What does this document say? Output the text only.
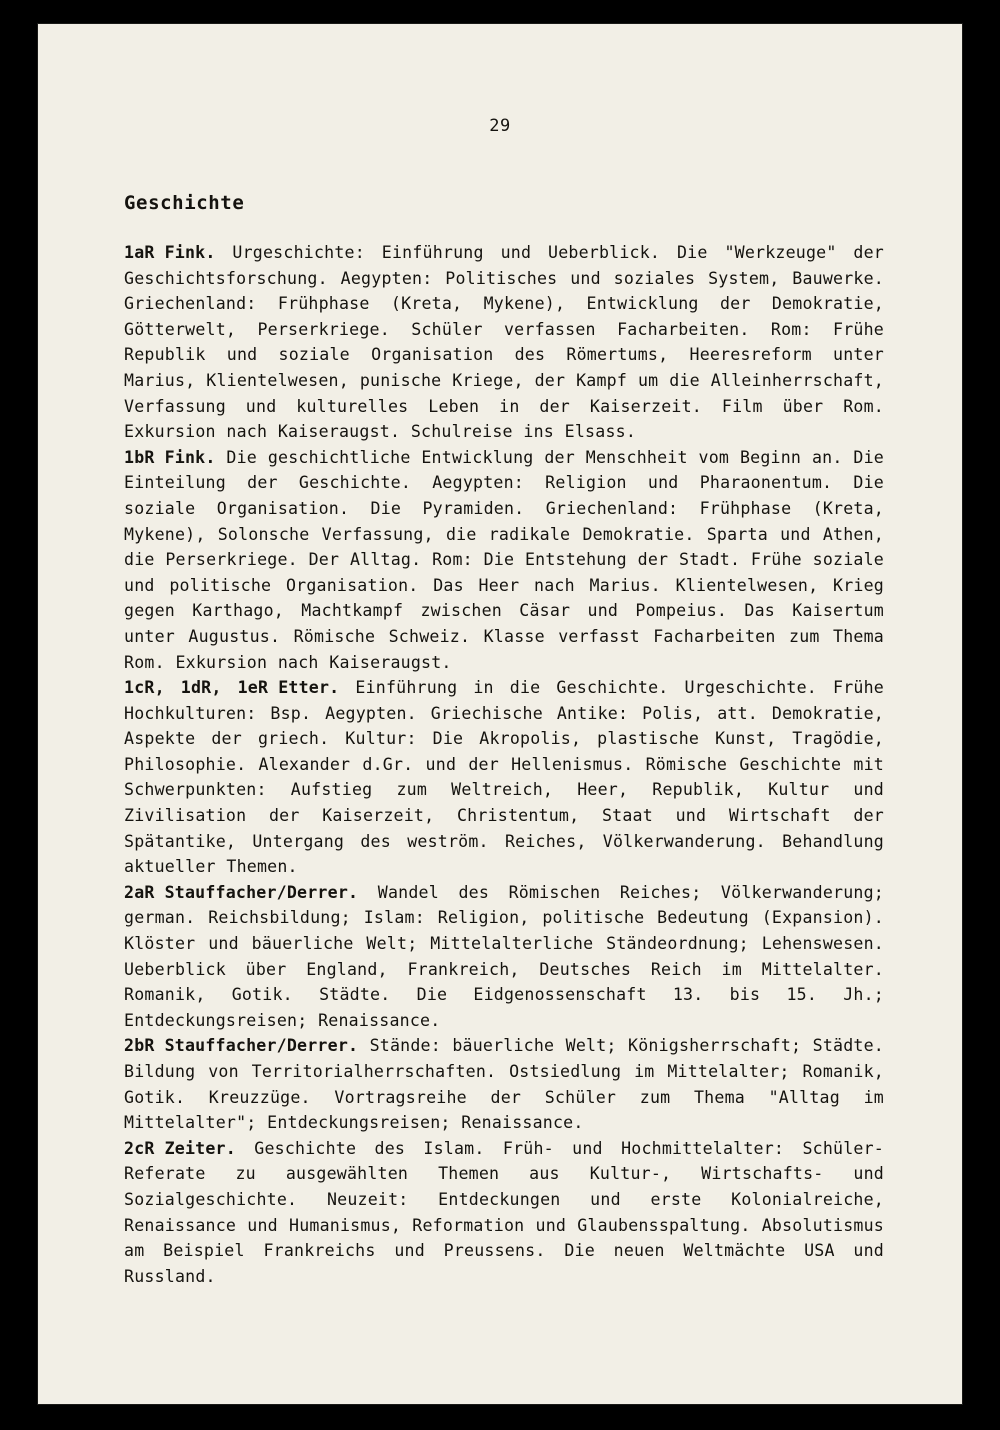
29
Geschichte

1aR Fink. Urgeschichte: Einführung und Ueberblick. Die "Werkzeuge" der Geschichtsforschung. Aegypten: Politisches und soziales System, Bauwerke. Griechenland: Frühphase (Kreta, Mykene), Entwicklung der Demokratie, Götterwelt, Perserkriege. Schüler verfassen Facharbeiten. Rom: Frühe Republik und soziale Organisation des Römertums, Heeresreform unter Marius, Klientelwesen, punische Kriege, der Kampf um die Alleinherrschaft, Verfassung und kulturelles Leben in der Kaiserzeit. Film über Rom. Exkursion nach Kaiseraugst. Schulreise ins Elsass.

1bR Fink. Die geschichtliche Entwicklung der Menschheit vom Beginn an. Die Einteilung der Geschichte. Aegypten: Religion und Pharaonentum. Die soziale Organisation. Die Pyramiden. Griechenland: Frühphase (Kreta, Mykene), Solonsche Verfassung, die radikale Demokratie. Sparta und Athen, die Perserkriege. Der Alltag. Rom: Die Entstehung der Stadt. Frühe soziale und politische Organisation. Das Heer nach Marius. Klientelwesen, Krieg gegen Karthago, Machtkampf zwischen Cäsar und Pompeius. Das Kaisertum unter Augustus. Römische Schweiz. Klasse verfasst Facharbeiten zum Thema Rom. Exkursion nach Kaiseraugst.

1cR, 1dR, 1eR Etter. Einführung in die Geschichte. Urgeschichte. Frühe Hochkulturen: Bsp. Aegypten. Griechische Antike: Polis, att. Demokratie, Aspekte der griech. Kultur: Die Akropolis, plastische Kunst, Tragödie, Philosophie. Alexander d.Gr. und der Hellenismus. Römische Geschichte mit Schwerpunkten: Aufstieg zum Weltreich, Heer, Republik, Kultur und Zivilisation der Kaiserzeit, Christentum, Staat und Wirtschaft der Spätantike, Untergang des weström. Reiches, Völkerwanderung. Behandlung aktueller Themen.

2aR Stauffacher/Derrer. Wandel des Römischen Reiches; Völkerwanderung; german. Reichsbildung; Islam: Religion, politische Bedeutung (Expansion). Klöster und bäuerliche Welt; Mittelalterliche Ständeordnung; Lehenswesen. Ueberblick über England, Frankreich, Deutsches Reich im Mittelalter. Romanik, Gotik. Städte. Die Eidgenossenschaft 13. bis 15. Jh.; Entdeckungsreisen; Renaissance.

2bR Stauffacher/Derrer. Stände: bäuerliche Welt; Königsherrschaft; Städte. Bildung von Territorialherrschaften. Ostsiedlung im Mittelalter; Romanik, Gotik. Kreuzzüge. Vortragsreihe der Schüler zum Thema "Alltag im Mittelalter"; Entdeckungsreisen; Renaissance.

2cR Zeiter. Geschichte des Islam. Früh- und Hochmittelalter: Schüler-Referate zu ausgewählten Themen aus Kultur-, Wirtschafts- und Sozialgeschichte. Neuzeit: Entdeckungen und erste Kolonialreiche, Renaissance und Humanismus, Reformation und Glaubensspaltung. Absolutismus am Beispiel Frankreichs und Preussens. Die neuen Weltmächte USA und Russland.
